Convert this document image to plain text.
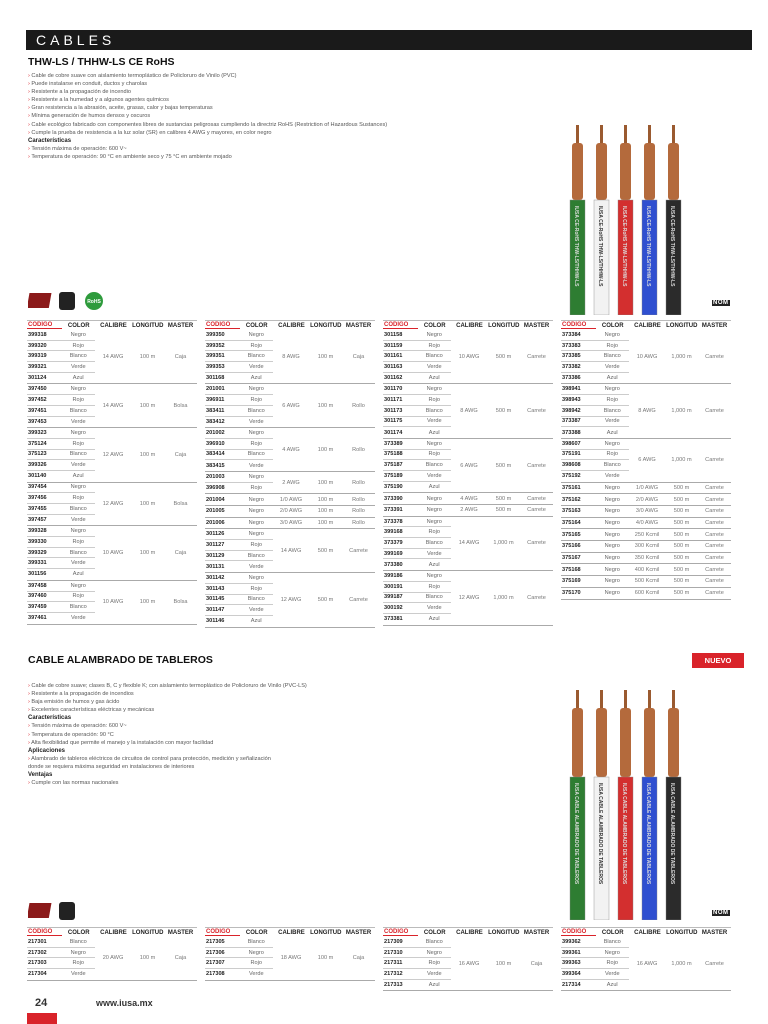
CABLES
THW-LS / THHW-LS CE RoHS
› Cable de cobre suave con aislamiento termoplástico de Policloruro de Vinilo (PVC)
› Puede instalarse en conduit, ductos y charolas
› Resistente a la propagación de incendio
› Resistente a la humedad y a algunos agentes químicos
› Gran resistencia a la abrasión, aceite, grasas, calor y bajas temperaturas
› Mínima generación de humos densos y oscuros
› Cable ecológico fabricado con componentes libres de sustancias peligrosas cumpliendo la directriz RoHS (Restriction of Hazardous Sustances)
› Cumple la prueba de resistencia a la luz solar (SR) en calibres 4 AWG y mayores, en color negro
Características
› Tensión máxima de operación: 600 V~
› Temperatura de operación: 90 °C en ambiente seco y 75 °C en ambiente mojado
RoHS
IUSA CE-RoHS THW-LS/THHW-LS	IUSA CE-RoHS THW-LS/THHW-LS	IUSA CE-RoHS THW-LS/THHW-LS	IUSA CE-RoHS THW-LS/THHW-LS	IUSA CE-RoHS THW-LS/THHW-LS
NOM
CODIGO	COLOR	CALIBRE LONGITUD MASTER
399318	Negro
399320	Rojo
399319	Blanco
399321	Verde
301124	Azul
14 AWG	100 m	Caja
397450	Negro
397452	Rojo
397451	Blanco
397453	Verde
14 AWG	100 m	Bolsa
399323	Negro
375124	Rojo
375123	Blanco
399326	Verde
301140	Azul
12 AWG	100 m	Caja
397454	Negro
397456	Rojo
397455	Blanco
397457	Verde
12 AWG	100 m	Bolsa
399328	Negro
399330	Rojo
399329	Blanco
399331	Verde
301156	Azul
10 AWG	100 m	Caja
397458	Negro
397460	Rojo
397459	Blanco
397461	Verde
10 AWG	100 m	Bolsa
CODIGO	COLOR	CALIBRE LONGITUD MASTER
399350	Negro
399352	Rojo
399351	Blanco
399353	Verde
301168	Azul
8 AWG	100 m	Caja
201001	Negro
396911	Rojo
383411	Blanco
383412	Verde
6 AWG	100 m	Rollo
201002	Negro
396910	Rojo
383414	Blanco
383415	Verde
4 AWG	100 m	Rollo
201003	Negro
396908	Rojo
2 AWG	100 m	Rollo
201004	Negro	1/0 AWG	100 m	Rollo
201005	Negro	2/0 AWG	100 m	Rollo
201006	Negro	3/0 AWG	100 m	Rollo
301126	Negro
301127	Rojo
301129	Blanco
301131	Verde
14 AWG	500 m	Carrete
301142	Negro
301143	Rojo
301145	Blanco
301147	Verde
301146	Azul
12 AWG	500 m	Carrete
CODIGO	COLOR	CALIBRE LONGITUD MASTER
301158	Negro
301159	Rojo
301161	Blanco
301163	Verde
301162	Azul
10 AWG	500 m	Carrete
301170	Negro
301171	Rojo
301173	Blanco
301175	Verde
301174	Azul
8 AWG	500 m	Carrete
373389	Negro
375188	Rojo
375187	Blanco
375189	Verde
375190	Azul
6 AWG	500 m	Carrete
373390	Negro	4 AWG	500 m	Carrete
373391	Negro	2 AWG	500 m	Carrete
373378	Negro
399168	Rojo
373379	Blanco
399169	Verde
373380	Azul
14 AWG	1,000 m	Carrete
399186	Negro
300191	Rojo
399187	Blanco
300192	Verde
373381	Azul
12 AWG	1,000 m	Carrete
CODIGO	COLOR	CALIBRE LONGITUD MASTER
373384	Negro
373383	Rojo
373385	Blanco
373382	Verde
373386	Azul
10 AWG	1,000 m	Carrete
398941	Negro
398943	Rojo
398942	Blanco
373387	Verde
373388	Azul
8 AWG	1,000 m	Carrete
398607	Negro
375191	Rojo
398608	Blanco
375192	Verde
6 AWG	1,000 m	Carrete
375161	Negro	1/0 AWG	500 m	Carrete
375162	Negro	2/0 AWG	500 m	Carrete
375163	Negro	3/0 AWG	500 m	Carrete
375164	Negro	4/0 AWG	500 m	Carrete
375165	Negro	250 Kcmil	500 m	Carrete
375166	Negro	300 Kcmil	500 m	Carrete
375167	Negro	350 Kcmil	500 m	Carrete
375168	Negro	400 Kcmil	500 m	Carrete
375169	Negro	500 Kcmil	500 m	Carrete
375170	Negro	600 Kcmil	500 m	Carrete
CABLE ALAMBRADO DE TABLEROS	NUEVO
› Cable de cobre suave; clases B, C y flexible K; con aislamiento termoplástico de Policloruro de Vinilo (PVC-LS)
› Resistente a la propagación de incendios
› Baja emisión de humos y gas ácido
› Excelentes características eléctricas y mecánicas
Características
› Tensión máxima de operación: 600 V~
› Temperatura de operación: 90 °C
› Alta flexibilidad que permite el manejo y la instalación con mayor facilidad
Aplicaciones
› Alambrado de tableros eléctricos de circuitos de control para protección, medición y señalización
donde se requiera máxima seguridad en instalaciones de interiores
Ventajas
› Cumple con las normas nacionales	IUSA CABLE ALAMBRADO DE TABLEROS	IUSA CABLE ALAMBRADO DE TABLEROS	IUSA CABLE ALAMBRADO DE TABLEROS	IUSA CABLE ALAMBRADO DE TABLEROS	IUSA CABLE ALAMBRADO DE TABLEROS
NOM
CODIGO	COLOR	CALIBRE LONGITUD MASTER
217301	Blanco
217302	Negro
217303	Rojo
217304	Verde
20 AWG	100 m	Caja
CODIGO	COLOR	CALIBRE LONGITUD MASTER
217305	Blanco
217306	Negro
217307	Rojo
217308	Verde
18 AWG	100 m	Caja
CODIGO	COLOR	CALIBRE LONGITUD MASTER
217309	Blanco
217310	Negro
217311	Rojo
217312	Verde
217313	Azul
16 AWG	100 m	Caja
CODIGO	COLOR	CALIBRE LONGITUD MASTER
399362	Blanco
399361	Negro
399363	Rojo
399364	Verde
217314	Azul
16 AWG	1,000 m	Carrete
24	www.iusa.mx
